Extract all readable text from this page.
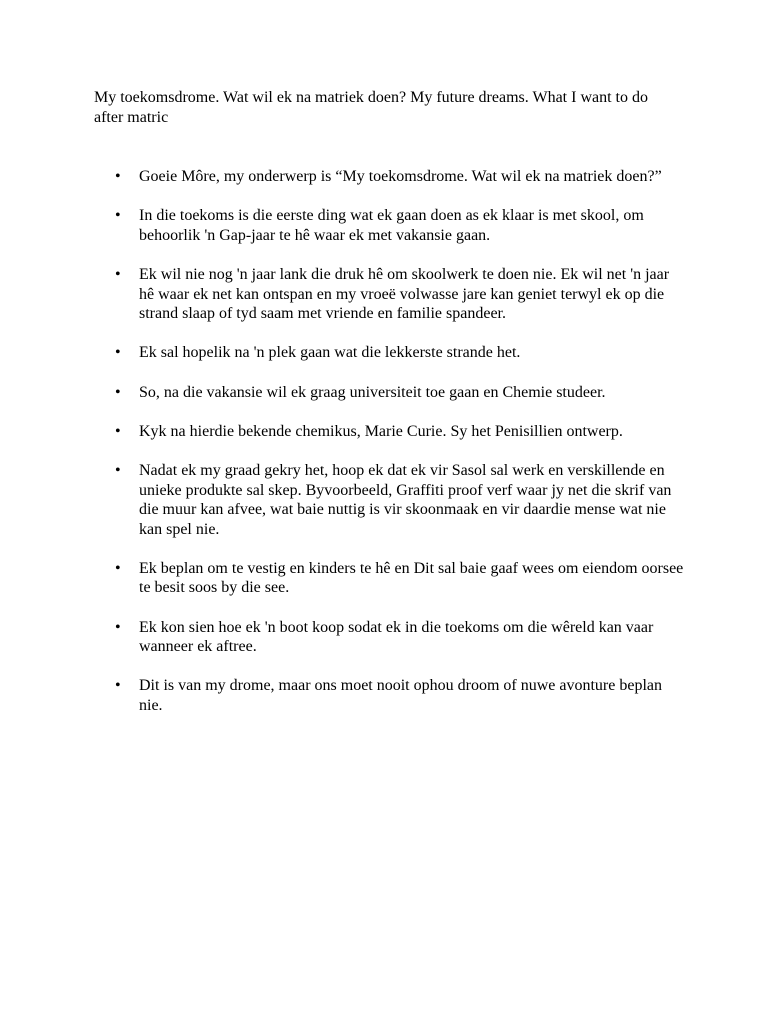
My toekomsdrome. Wat wil ek na matriek doen? My future dreams. What I want to do after matric

• Goeie Môre, my onderwerp is “My toekomsdrome. Wat wil ek na matriek doen?”
• In die toekoms is die eerste ding wat ek gaan doen as ek klaar is met skool, om behoorlik 'n Gap-jaar te hê waar ek met vakansie gaan.
• Ek wil nie nog 'n jaar lank die druk hê om skoolwerk te doen nie. Ek wil net 'n jaar hê waar ek net kan ontspan en my vroeë volwasse jare kan geniet terwyl ek op die strand slaap of tyd saam met vriende en familie spandeer.
• Ek sal hopelik na 'n plek gaan wat die lekkerste strande het.
• So, na die vakansie wil ek graag universiteit toe gaan en Chemie studeer.
• Kyk na hierdie bekende chemikus, Marie Curie. Sy het Penisillien ontwerp.
• Nadat ek my graad gekry het, hoop ek dat ek vir Sasol sal werk en verskillende en unieke produkte sal skep. Byvoorbeeld, Graffiti proof verf waar jy net die skrif van die muur kan afvee, wat baie nuttig is vir skoonmaak en vir daardie mense wat nie kan spel nie.
• Ek beplan om te vestig en kinders te hê en Dit sal baie gaaf wees om eiendom oorsee te besit soos by die see.
• Ek kon sien hoe ek 'n boot koop sodat ek in die toekoms om die wêreld kan vaar wanneer ek aftree.
• Dit is van my drome, maar ons moet nooit ophou droom of nuwe avonture beplan nie.
